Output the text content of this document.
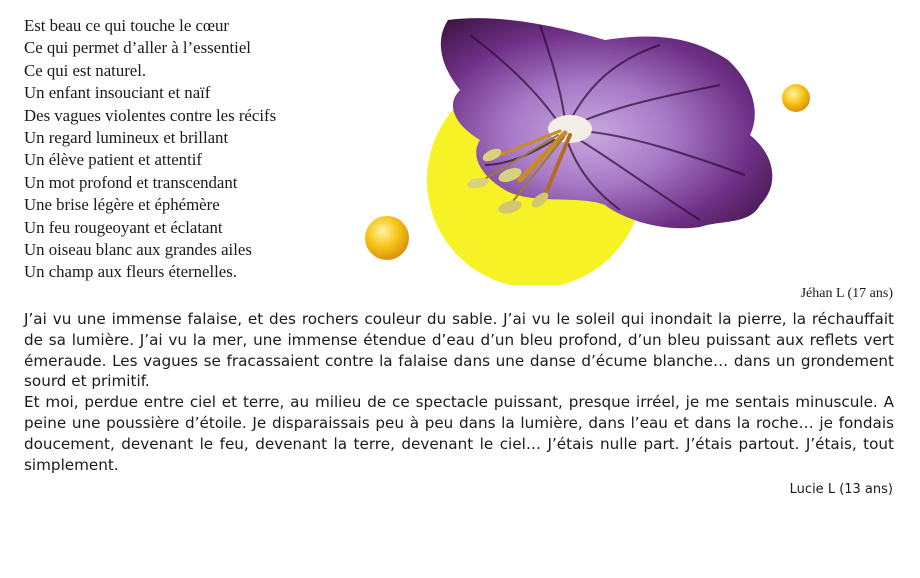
Est beau ce qui touche le cœur
Ce qui permet d’aller à l’essentiel
Ce qui est naturel.
Un enfant insouciant et naïf
Des vagues violentes contre les récifs
Un regard lumineux et brillant
Un élève patient et attentif
Un mot profond et transcendant
Une brise légère et éphémère
Un feu rougeoyant et éclatant
Un oiseau blanc aux grandes ailes
Un champ aux fleurs éternelles.
Jéhan L (17 ans)

J’ai vu une immense falaise, et des rochers couleur du sable. J’ai vu le soleil qui inondait la pierre, la réchauffait de sa lumière. J’ai vu la mer, une immense étendue d’eau d’un bleu profond, d’un bleu puissant aux reflets vert émeraude. Les vagues se fracassaient contre la falaise dans une danse d’écume blanche… dans un grondement sourd et primitif.

Et moi, perdue entre ciel et terre, au milieu de ce spectacle puissant, presque irréel, je me sentais minuscule. A peine une poussière d’étoile. Je disparaissais peu à peu dans la lumière, dans l’eau et dans la roche… je fondais doucement, devenant le feu, devenant la terre, devenant le ciel… J’étais nulle part. J’étais partout. J’étais, tout simplement.

Lucie L (13 ans)
